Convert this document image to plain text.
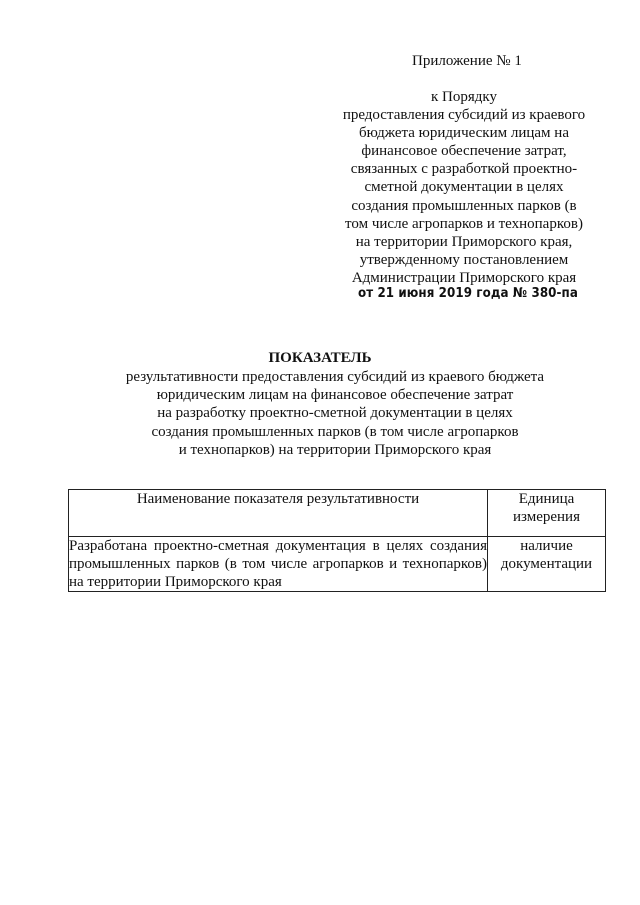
Приложение № 1
к Порядку
предоставления субсидий из краевого
бюджета юридическим лицам на
финансовое обеспечение затрат,
связанных с разработкой проектно-
сметной документации в целях
создания промышленных парков (в
том числе агропарков и технопарков)
на территории Приморского края,
утвержденному постановлением
Администрации Приморского края
от 21 июня 2019 года № 380-па
ПОКАЗАТЕЛЬ
результативности предоставления субсидий из краевого бюджета
юридическим лицам на финансовое обеспечение затрат
на разработку проектно-сметной документации в целях
создания промышленных парков (в том числе агропарков
и технопарков) на территории Приморского края
Наименование показателя результативности	Единица измерения
Разработана проектно-сметная документация в целях создания промышленных парков (в том числе агропарков и технопарков) на территории Приморского края	наличие документации
